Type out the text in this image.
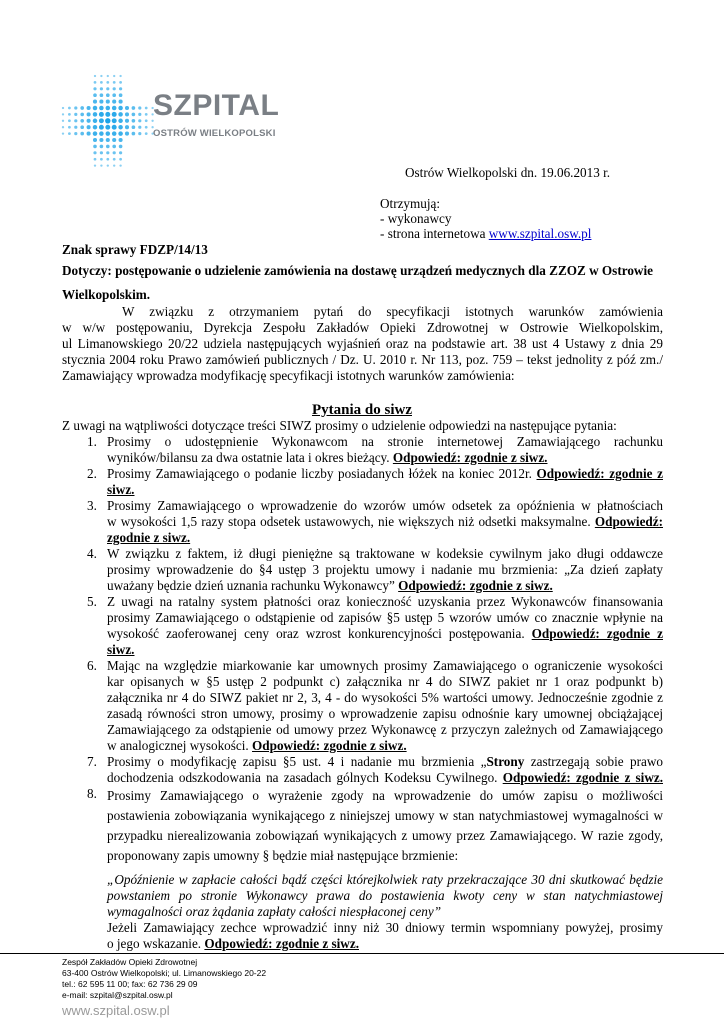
SZPITAL
OSTRÓW WIELKOPOLSKI
Ostrów Wielkopolski dn. 19.06.2013 r.
Otrzymują:
- wykonawcy
- strona internetowa www.szpital.osw.pl
Znak sprawy FDZP/14/13
Dotyczy: postępowanie o udzielenie zamówienia na dostawę urządzeń medycznych dla ZZOZ w Ostrowie
Wielkopolskim.
W związku z otrzymaniem pytań do specyfikacji istotnych warunków zamówienia
w w/w postępowaniu, Dyrekcja Zespołu Zakładów Opieki Zdrowotnej w Ostrowie Wielkopolskim,
ul Limanowskiego 20/22 udziela następujących wyjaśnień oraz na podstawie art. 38 ust 4 Ustawy z dnia 29
stycznia 2004 roku Prawo zamówień publicznych / Dz. U. 2010 r. Nr 113, poz. 759 – tekst jednolity z póź zm./
Zamawiający wprowadza modyfikację specyfikacji istotnych warunków zamówienia:
Pytania do siwz
Z uwagi na wątpliwości dotyczące treści SIWZ prosimy o udzielenie odpowiedzi na następujące pytania:
1. Prosimy o udostępnienie Wykonawcom na stronie internetowej Zamawiającego rachunku
wyników/bilansu za dwa ostatnie lata i okres bieżący. Odpowiedź: zgodnie z siwz.
2. Prosimy Zamawiającego o podanie liczby posiadanych łóżek na koniec 2012r. Odpowiedź: zgodnie z
siwz.
3. Prosimy Zamawiającego o wprowadzenie do wzorów umów odsetek za opóźnienia w płatnościach
w wysokości 1,5 razy stopa odsetek ustawowych, nie większych niż odsetki maksymalne. Odpowiedź:
zgodnie z siwz.
4. W związku z faktem, iż długi pieniężne są traktowane w kodeksie cywilnym jako długi oddawcze
prosimy wprowadzenie do §4 ustęp 3 projektu umowy i nadanie mu brzmienia: „Za dzień zapłaty
uważany będzie dzień uznania rachunku Wykonawcy” Odpowiedź: zgodnie z siwz.
5. Z uwagi na ratalny system płatności oraz konieczność uzyskania przez Wykonawców finansowania
prosimy Zamawiającego o odstąpienie od zapisów §5 ustęp 5 wzorów umów co znacznie wpłynie na
wysokość zaoferowanej ceny oraz wzrost konkurencyjności postępowania. Odpowiedź: zgodnie z
siwz.
6. Mając na względzie miarkowanie kar umownych prosimy Zamawiającego o ograniczenie wysokości
kar opisanych w §5 ustęp 2 podpunkt c) załącznika nr 4 do SIWZ pakiet nr 1 oraz podpunkt b)
załącznika nr 4 do SIWZ pakiet nr 2, 3, 4 - do wysokości 5% wartości umowy. Jednocześnie zgodnie z
zasadą równości stron umowy, prosimy o wprowadzenie zapisu odnośnie kary umownej obciążającej
Zamawiającego za odstąpienie od umowy przez Wykonawcę z przyczyn zależnych od Zamawiającego
w analogicznej wysokości. Odpowiedź: zgodnie z siwz.
7. Prosimy o modyfikację zapisu §5 ust. 4 i nadanie mu brzmienia „Strony zastrzegają sobie prawo
dochodzenia odszkodowania na zasadach gólnych Kodeksu Cywilnego. Odpowiedź: zgodnie z siwz.
8. Prosimy Zamawiającego o wyrażenie zgody na wprowadzenie do umów zapisu o możliwości
postawienia zobowiązania wynikającego z niniejszej umowy w stan natychmiastowej wymagalności w
przypadku nierealizowania zobowiązań wynikających z umowy przez Zamawiającego. W razie zgody,
proponowany zapis umowny § będzie miał następujące brzmienie:
„Opóźnienie w zapłacie całości bądź części którejkolwiek raty przekraczające 30 dni skutkować będzie
powstaniem po stronie Wykonawcy prawa do postawienia kwoty ceny w stan natychmiastowej
wymagalności oraz żądania zapłaty całości niespłaconej ceny”
Jeżeli Zamawiający zechce wprowadzić inny niż 30 dniowy termin wspomniany powyżej, prosimy
o jego wskazanie. Odpowiedź: zgodnie z siwz.
Zespół Zakładów Opieki Zdrowotnej
63-400 Ostrów Wielkopolski; ul. Limanowskiego 20-22
tel.: 62 595 11 00; fax: 62 736 29 09
e-mail: szpital@szpital.osw.pl
www.szpital.osw.pl
